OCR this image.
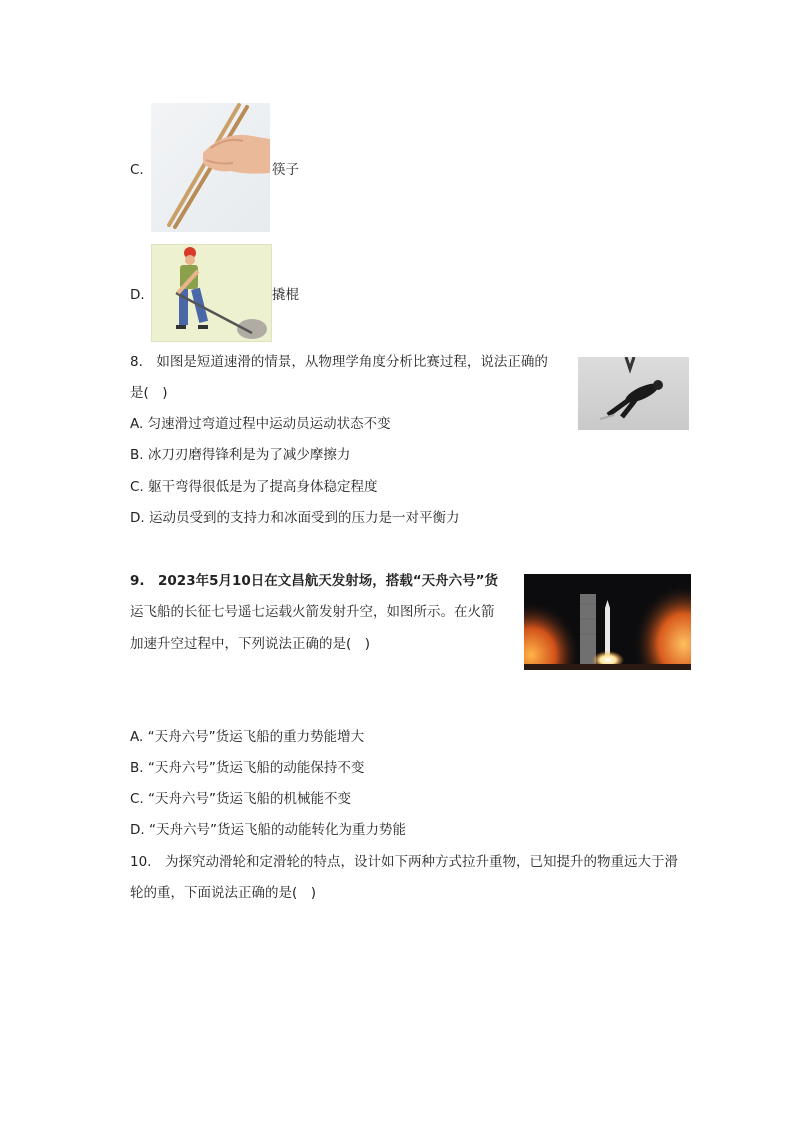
C.	筷子
D.	撬棍
8.　如图是短道速滑的情景，从物理学角度分析比赛过程，说法正确的
是(　)
A. 匀速滑过弯道过程中运动员运动状态不变
B. 冰刀刃磨得锋利是为了减少摩擦力
C. 躯干弯得很低是为了提高身体稳定程度
D. 运动员受到的支持力和冰面受到的压力是一对平衡力
9.　2023年5月10日在文昌航天发射场，搭载“天舟六号”货
运飞船的长征七号遥七运载火箭发射升空，如图所示。在火箭
加速升空过程中，下列说法正确的是(　)
A. “天舟六号”货运飞船的重力势能增大
B. “天舟六号”货运飞船的动能保持不变
C. “天舟六号”货运飞船的机械能不变
D. “天舟六号”货运飞船的动能转化为重力势能
10.　为探究动滑轮和定滑轮的特点，设计如下两种方式拉升重物，已知提升的物重远大于滑
轮的重，下面说法正确的是(　)
